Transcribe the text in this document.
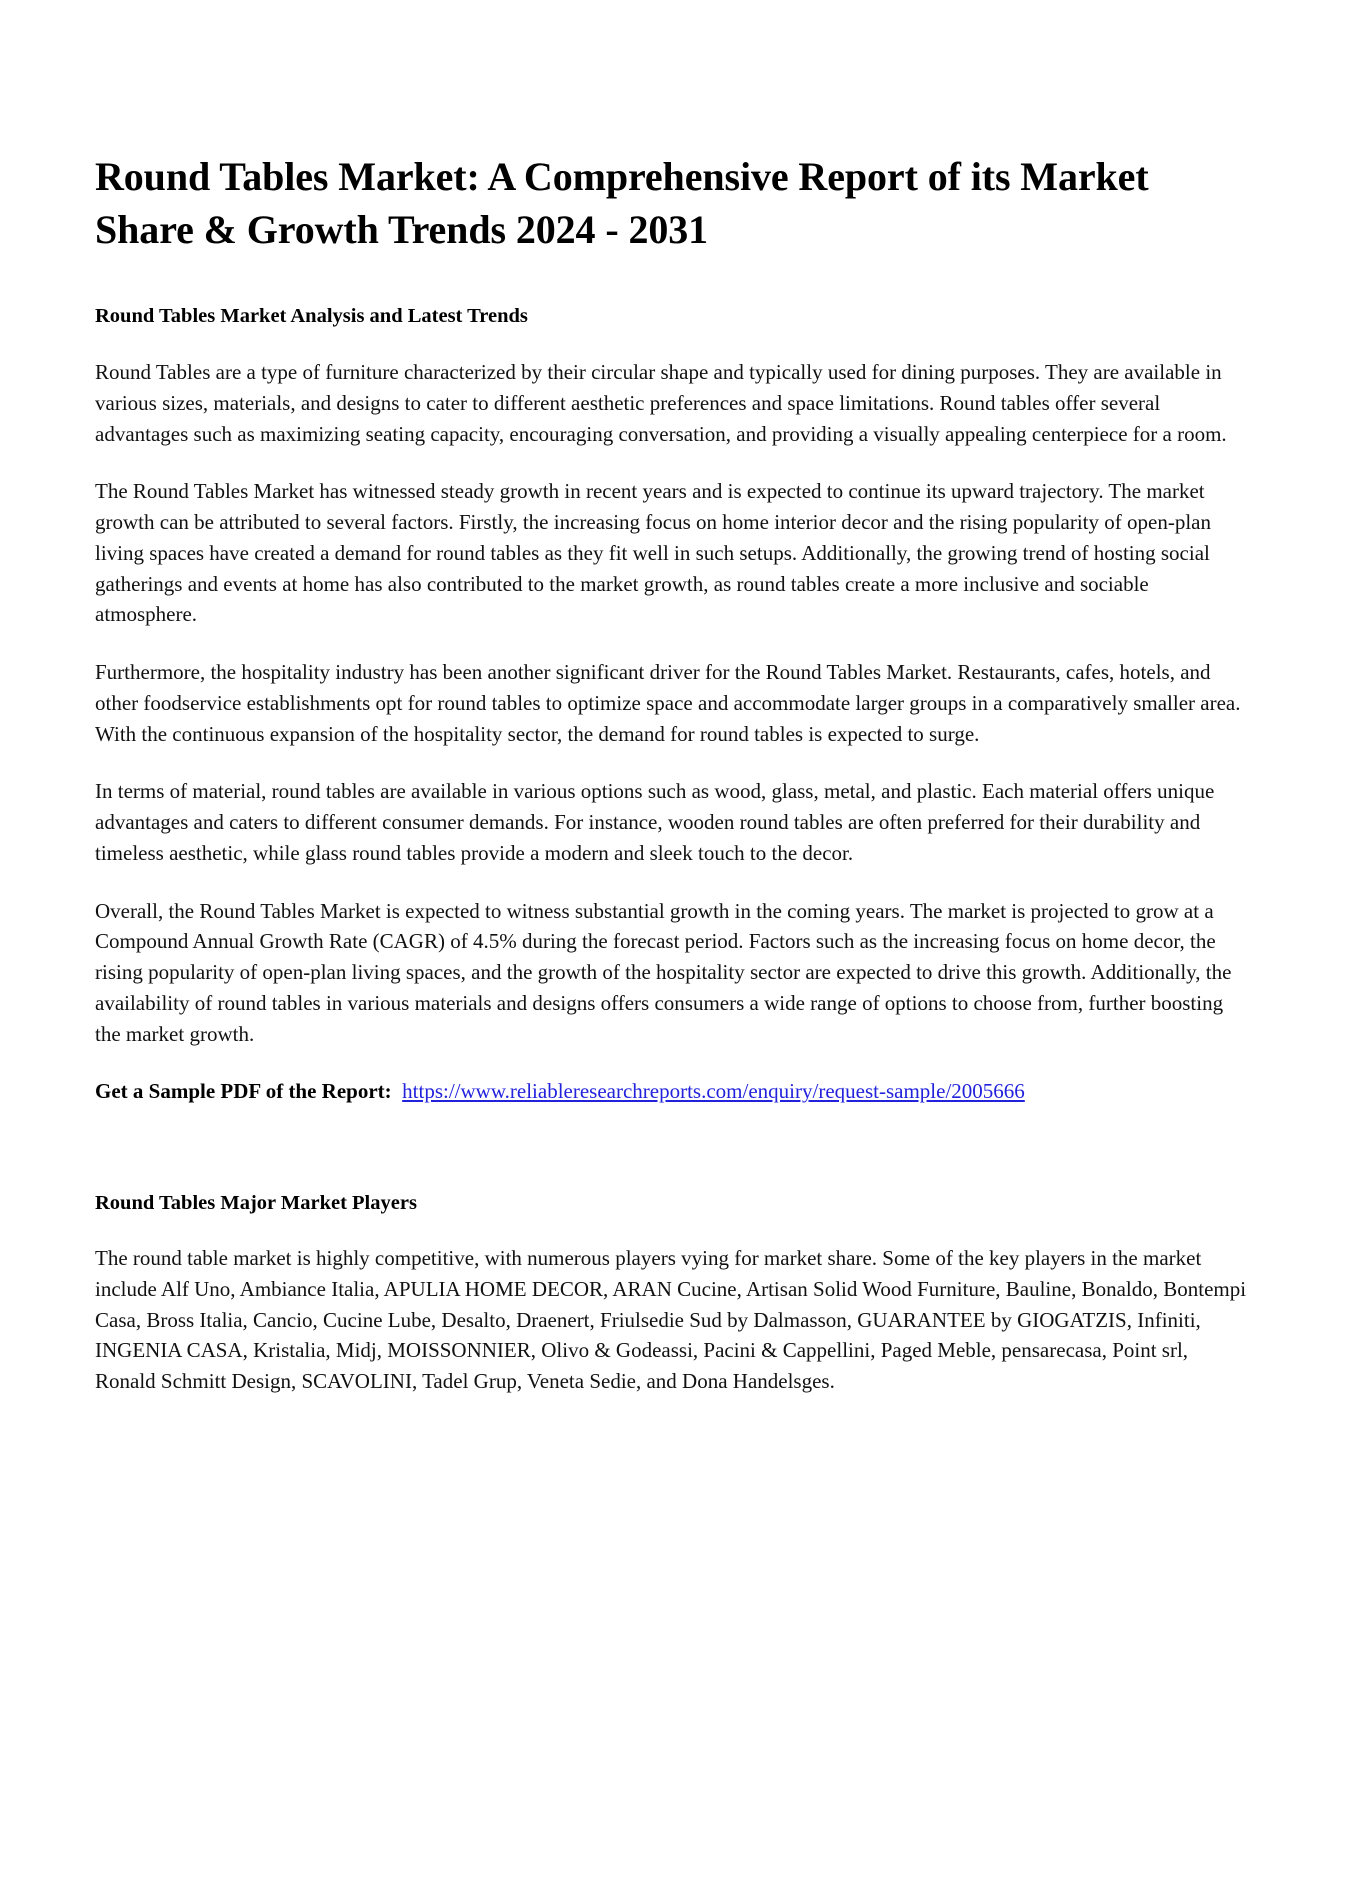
Round Tables Market: A Comprehensive Report of its Market Share & Growth Trends 2024 - 2031
Round Tables Market Analysis and Latest Trends

Round Tables are a type of furniture characterized by their circular shape and typically used for dining purposes. They are available in various sizes, materials, and designs to cater to different aesthetic preferences and space limitations. Round tables offer several advantages such as maximizing seating capacity, encouraging conversation, and providing a visually appealing centerpiece for a room.

The Round Tables Market has witnessed steady growth in recent years and is expected to continue its upward trajectory. The market growth can be attributed to several factors. Firstly, the increasing focus on home interior decor and the rising popularity of open-plan living spaces have created a demand for round tables as they fit well in such setups. Additionally, the growing trend of hosting social gatherings and events at home has also contributed to the market growth, as round tables create a more inclusive and sociable atmosphere.

Furthermore, the hospitality industry has been another significant driver for the Round Tables Market. Restaurants, cafes, hotels, and other foodservice establishments opt for round tables to optimize space and accommodate larger groups in a comparatively smaller area. With the continuous expansion of the hospitality sector, the demand for round tables is expected to surge.

In terms of material, round tables are available in various options such as wood, glass, metal, and plastic. Each material offers unique advantages and caters to different consumer demands. For instance, wooden round tables are often preferred for their durability and timeless aesthetic, while glass round tables provide a modern and sleek touch to the decor.

Overall, the Round Tables Market is expected to witness substantial growth in the coming years. The market is projected to grow at a Compound Annual Growth Rate (CAGR) of 4.5% during the forecast period. Factors such as the increasing focus on home decor, the rising popularity of open-plan living spaces, and the growth of the hospitality sector are expected to drive this growth. Additionally, the availability of round tables in various materials and designs offers consumers a wide range of options to choose from, further boosting the market growth.

Get a Sample PDF of the Report: https://www.reliableresearchreports.com/enquiry/request-sample/2005666
Round Tables Major Market Players

The round table market is highly competitive, with numerous players vying for market share. Some of the key players in the market include Alf Uno, Ambiance Italia, APULIA HOME DECOR, ARAN Cucine, Artisan Solid Wood Furniture, Bauline, Bonaldo, Bontempi Casa, Bross Italia, Cancio, Cucine Lube, Desalto, Draenert, Friulsedie Sud by Dalmasson, GUARANTEE by GIOGATZIS, Infiniti, INGENIA CASA, Kristalia, Midj, MOISSONNIER, Olivo & Godeassi, Pacini & Cappellini, Paged Meble, pensarecasa, Point srl, Ronald Schmitt Design, SCAVOLINI, Tadel Grup, Veneta Sedie, and Dona Handelsges.
